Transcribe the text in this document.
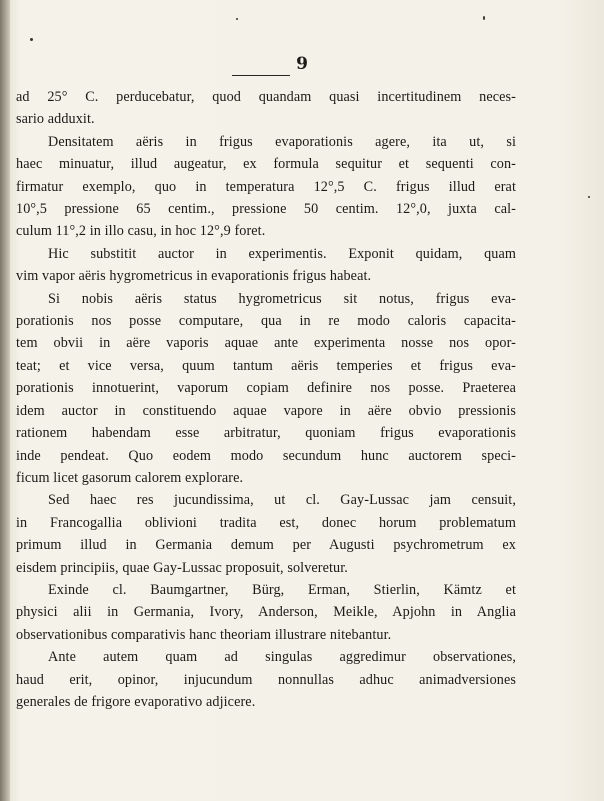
9
ad 25° C. perducebatur, quod quandam quasi incertitudinem neces-
sario adduxit.
Densitatem aëris in frigus evaporationis agere, ita ut, si
haec minuatur, illud augeatur, ex formula sequitur et sequenti con-
firmatur exemplo, quo in temperatura 12°,5 C. frigus illud erat
10°,5 pressione 65 centim., pressione 50 centim. 12°,0, juxta cal-
culum 11°,2 in illo casu, in hoc 12°,9 foret.
Hic substitit auctor in experimentis. Exponit quidam, quam
vim vapor aëris hygrometricus in evaporationis frigus habeat.
Si nobis aëris status hygrometricus sit notus, frigus eva-
porationis nos posse computare, qua in re modo caloris capacita-
tem obvii in aëre vaporis aquae ante experimenta nosse nos opor-
teat; et vice versa, quum tantum aëris temperies et frigus eva-
porationis innotuerint, vaporum copiam definire nos posse. Praeterea
idem auctor in constituendo aquae vapore in aëre obvio pressionis
rationem habendam esse arbitratur, quoniam frigus evaporationis
inde pendeat. Quo eodem modo secundum hunc auctorem speci-
ficum licet gasorum calorem explorare.
Sed haec res jucundissima, ut cl. Gay-Lussac jam censuit,
in Francogallia oblivioni tradita est, donec horum problematum
primum illud in Germania demum per Augusti psychrometrum ex
eisdem principiis, quae Gay-Lussac proposuit, solveretur.
Exinde cl. Baumgartner, Bürg, Erman, Stierlin, Kämtz et
physici alii in Germania, Ivory, Anderson, Meikle, Apjohn in Anglia
observationibus comparativis hanc theoriam illustrare nitebantur.
Ante autem quam ad singulas aggredimur observationes,
haud erit, opinor, injucundum nonnullas adhuc animadversiones
generales de frigore evaporativo adjicere.
